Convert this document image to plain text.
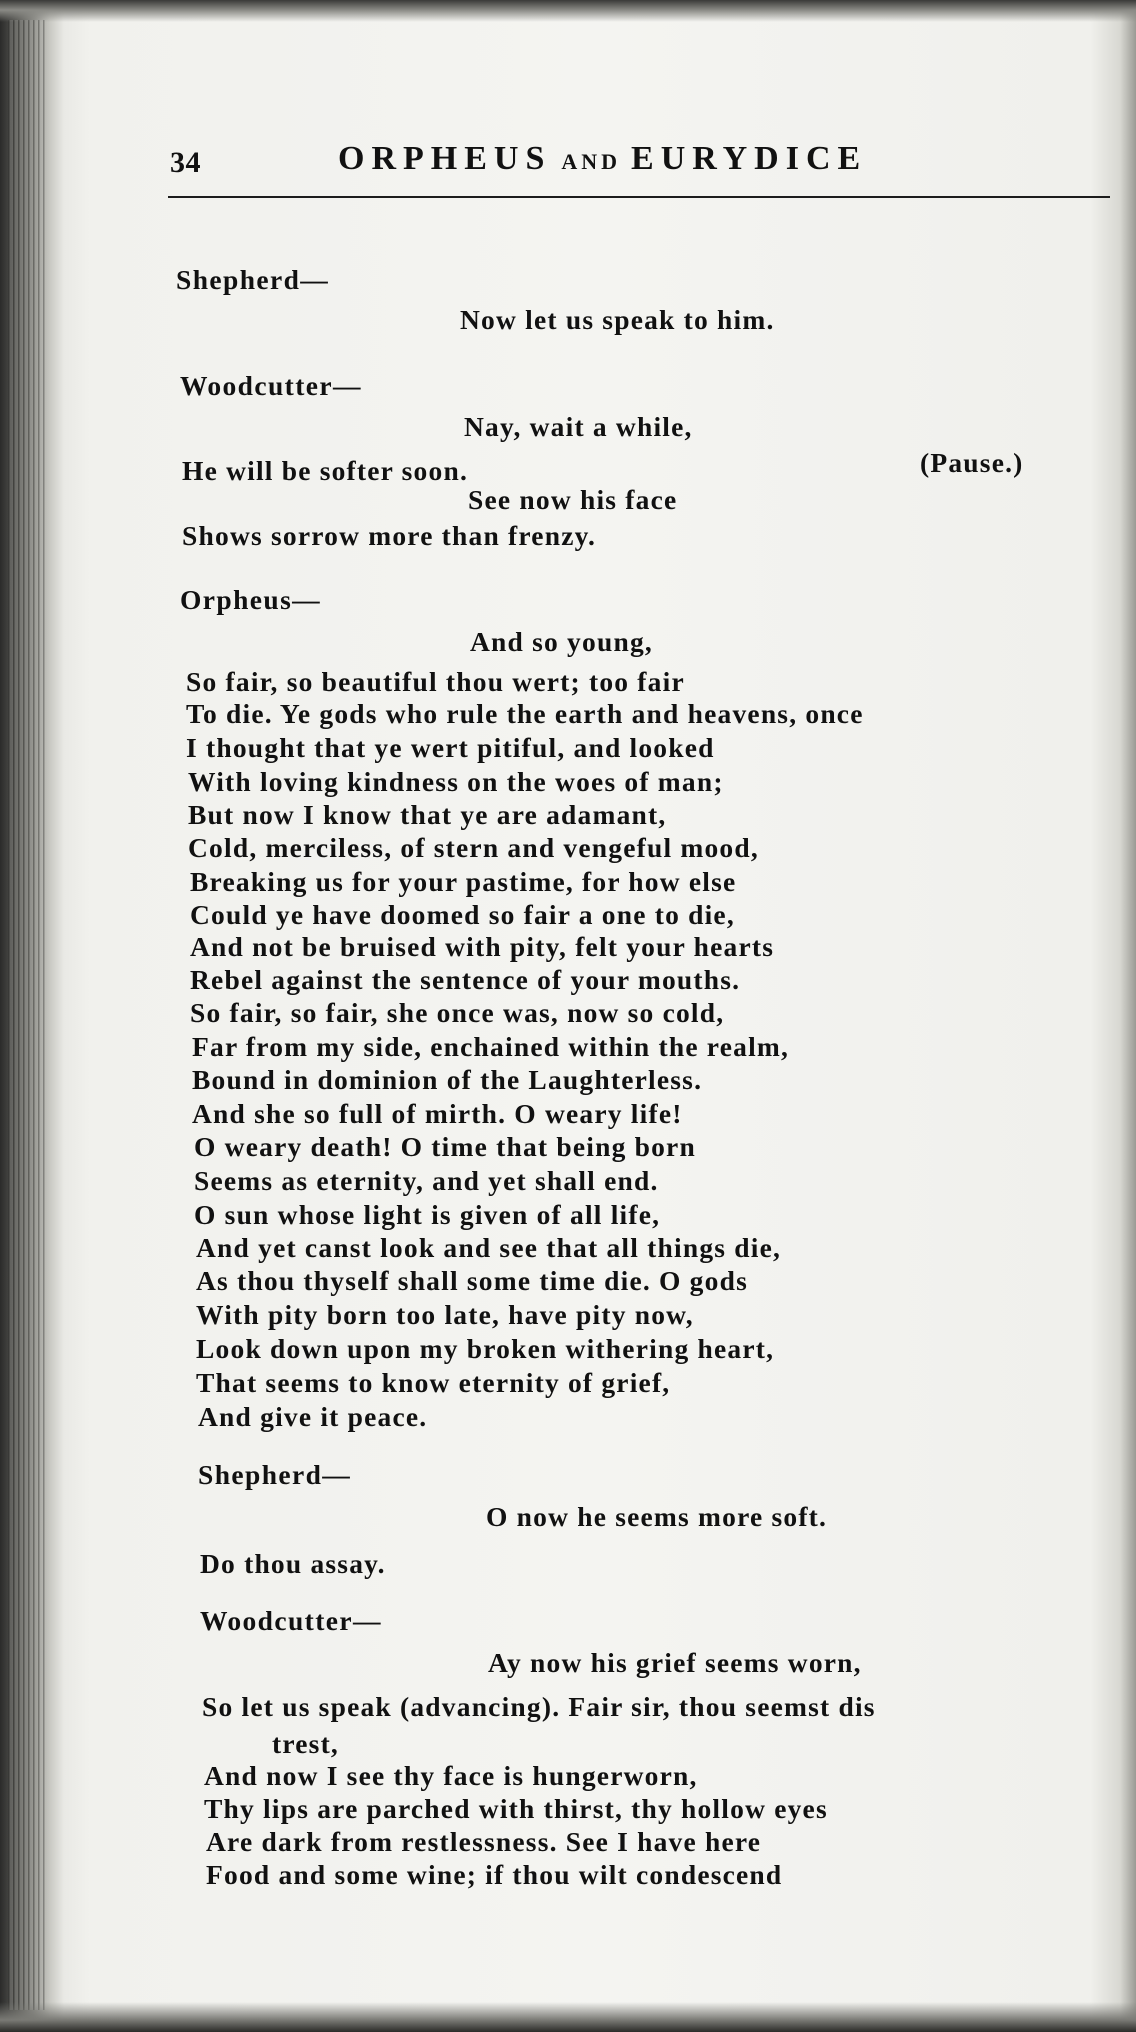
34	ORPHEUS AND EURYDICE
Shepherd—
Now let us speak to him.
Woodcutter—
Nay, wait a while,
He will be softer soon.	(Pause.)
See now his face
Shows sorrow more than frenzy.
Orpheus—
And so young,
So fair, so beautiful thou wert; too fair
To die. Ye gods who rule the earth and heavens, once
I thought that ye wert pitiful, and looked
With loving kindness on the woes of man;
But now I know that ye are adamant,
Cold, merciless, of stern and vengeful mood,
Breaking us for your pastime, for how else
Could ye have doomed so fair a one to die,
And not be bruised with pity, felt your hearts
Rebel against the sentence of your mouths.
So fair, so fair, she once was, now so cold,
Far from my side, enchained within the realm,
Bound in dominion of the Laughterless.
And she so full of mirth. O weary life!
O weary death! O time that being born
Seems as eternity, and yet shall end.
O sun whose light is given of all life,
And yet canst look and see that all things die,
As thou thyself shall some time die. O gods
With pity born too late, have pity now,
Look down upon my broken withering heart,
That seems to know eternity of grief,
And give it peace.
Shepherd—
O now he seems more soft.
Do thou assay.
Woodcutter—
Ay now his grief seems worn,
So let us speak (advancing). Fair sir, thou seemst dis
trest,
And now I see thy face is hungerworn,
Thy lips are parched with thirst, thy hollow eyes
Are dark from restlessness. See I have here
Food and some wine; if thou wilt condescend
